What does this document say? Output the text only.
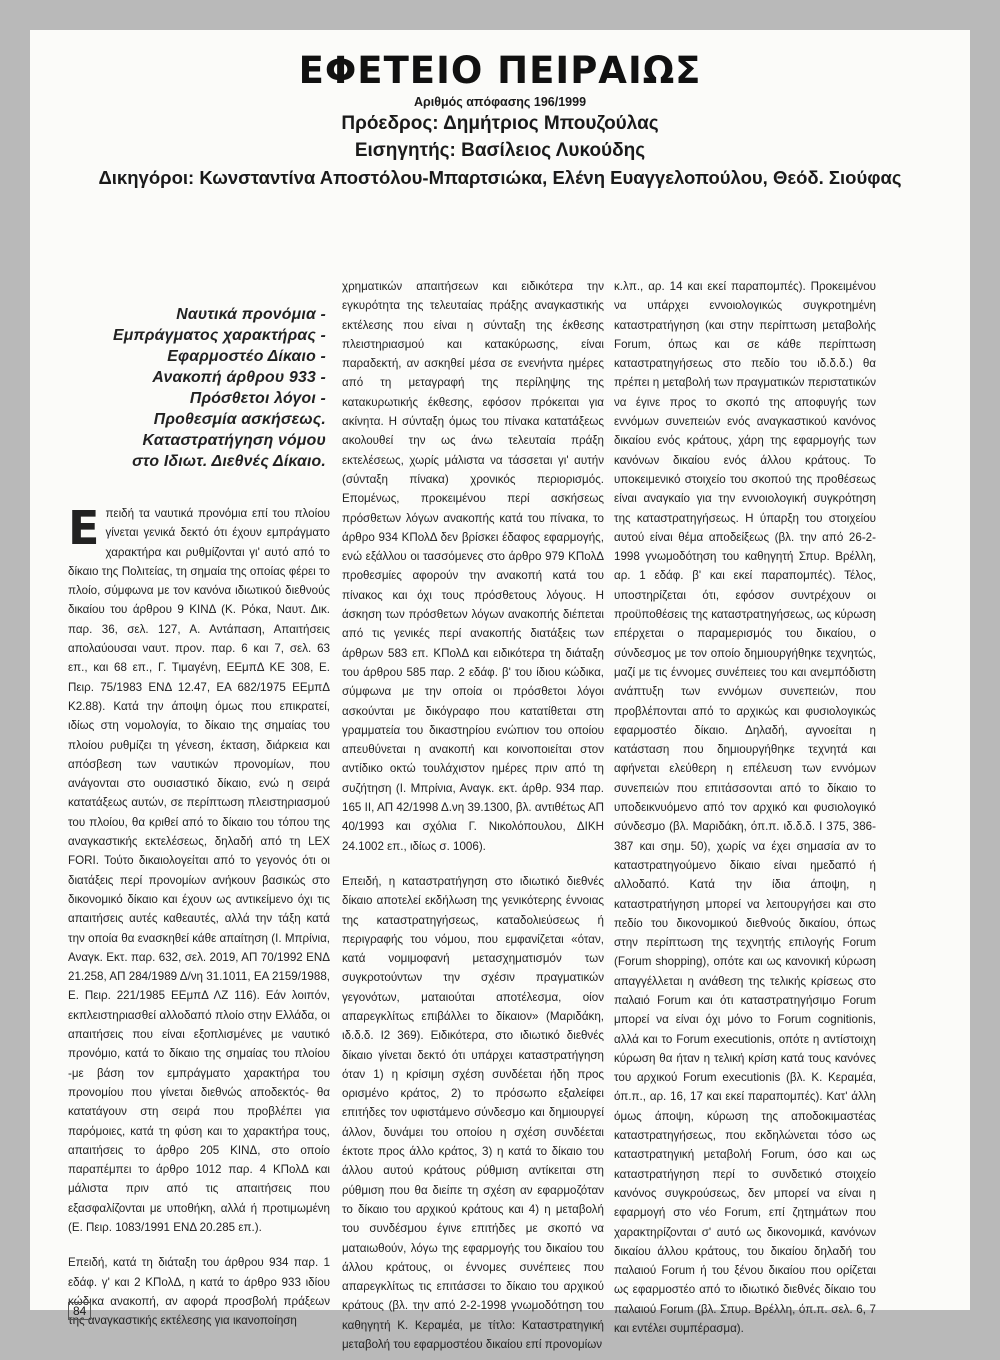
ΕΦΕΤΕΙΟ ΠΕΙΡΑΙΩΣ
Αριθμός απόφασης 196/1999
Πρόεδρος: Δημήτριος Μπουζούλας
Εισηγητής: Βασίλειος Λυκούδης
Δικηγόροι: Κωνσταντίνα Αποστόλου-Μπαρτσιώκα, Ελένη Ευαγγελοπούλου, Θεόδ. Σιούφας
Ναυτικά προνόμια -
Εμπράγματος χαρακτήρας -
Εφαρμοστέο Δίκαιο -
Ανακοπή άρθρου 933 -
Πρόσθετοι λόγοι -
Προθεσμία ασκήσεως.
Καταστρατήγηση νόμου
στο Ιδιωτ. Διεθνές Δίκαιο.

Επειδή τα ναυτικά προνόμια επί του πλοίου γίνεται γενικά δεκτό ότι έχουν εμπράγματο χαρακτήρα και ρυθμίζονται γι' αυτό από το δίκαιο της Πολιτείας, τη σημαία της οποίας φέρει το πλοίο, σύμφωνα με τον κανόνα ιδιωτικού διεθνούς δικαίου του άρθρου 9 ΚΙΝΔ (Κ. Ρόκα, Ναυτ. Δικ. παρ. 36, σελ. 127, Α. Αντάπαση, Απαιτήσεις απολαύουσαι ναυτ. προν. παρ. 6 και 7, σελ. 63 επ., και 68 επ., Γ. Τιμαγένη, ΕΕμπΔ ΚΕ 308, Ε. Πειρ. 75/1983 ΕΝΔ 12.47, ΕΑ 682/1975 ΕΕμπΔ Κ2.88). Κατά την άποψη όμως που επικρατεί, ιδίως στη νομολογία, το δίκαιο της σημαίας του πλοίου ρυθμίζει τη γένεση, έκταση, διάρκεια και απόσβεση των ναυτικών προνομίων, που ανάγονται στο ουσιαστικό δίκαιο, ενώ η σειρά κατατάξεως αυτών, σε περίπτωση πλειστηριασμού του πλοίου, θα κριθεί από το δίκαιο του τόπου της αναγκαστικής εκτελέσεως, δηλαδή από τη LEX FORI. Τούτο δικαιολογείται από το γεγονός ότι οι διατάξεις περί προνομίων ανήκουν βασικώς στο δικονομικό δίκαιο και έχουν ως αντικείμενο όχι τις απαιτήσεις αυτές καθεαυτές, αλλά την τάξη κατά την οποία θα ενασκηθεί κάθε απαίτηση (Ι. Μπρίνια, Αναγκ. Εκτ. παρ. 632, σελ. 2019, ΑΠ 70/1992 ΕΝΔ 21.258, ΑΠ 284/1989 Δ/νη 31.1011, ΕΑ 2159/1988, Ε. Πειρ. 221/1985 ΕΕμπΔ ΛΖ 116). Εάν λοιπόν, εκπλειστηριασθεί αλλοδαπό πλοίο στην Ελλάδα, οι απαιτήσεις που είναι εξοπλισμένες με ναυτικό προνόμιο, κατά το δίκαιο της σημαίας του πλοίου -με βάση τον εμπράγματο χαρακτήρα του προνομίου που γίνεται διεθνώς αποδεκτός- θα κατατάγουν στη σειρά που προβλέπει για παρόμοιες, κατά τη φύση και το χαρακτήρα τους, απαιτήσεις το άρθρο 205 ΚΙΝΔ, στο οποίο παραπέμπει το άρθρο 1012 παρ. 4 ΚΠολΔ και μάλιστα πριν από τις απαιτήσεις που εξασφαλίζονται με υποθήκη, αλλά ή προτιμωμένη (Ε. Πειρ. 1083/1991 ΕΝΔ 20.285 επ.).

Επειδή, κατά τη διάταξη του άρθρου 934 παρ. 1 εδάφ. γ' και 2 ΚΠολΔ, η κατά το άρθρο 933 ιδίου κώδικα ανακοπή, αν αφορά προσβολή πράξεων της αναγκαστικής εκτέλεσης για ικανοποίηση

χρηματικών απαιτήσεων και ειδικότερα την εγκυρότητα της τελευταίας πράξης αναγκαστικής εκτέλεσης που είναι η σύνταξη της έκθεσης πλειστηριασμού και κατακύρωσης, είναι παραδεκτή, αν ασκηθεί μέσα σε ενενήντα ημέρες από τη μεταγραφή της περίληψης της κατακυρωτικής έκθεσης, εφόσον πρόκειται για ακίνητα. Η σύνταξη όμως του πίνακα κατατάξεως ακολουθεί την ως άνω τελευταία πράξη εκτελέσεως, χωρίς μάλιστα να τάσσεται γι' αυτήν (σύνταξη πίνακα) χρονικός περιορισμός. Επομένως, προκειμένου περί ασκήσεως πρόσθετων λόγων ανακοπής κατά του πίνακα, το άρθρο 934 ΚΠολΔ δεν βρίσκει έδαφος εφαρμογής, ενώ εξάλλου οι τασσόμενες στο άρθρο 979 ΚΠολΔ προθεσμίες αφορούν την ανακοπή κατά του πίνακος και όχι τους πρόσθετους λόγους. Η άσκηση των πρόσθετων λόγων ανακοπής διέπεται από τις γενικές περί ανακοπής διατάξεις των άρθρων 583 επ. ΚΠολΔ και ειδικότερα τη διάταξη του άρθρου 585 παρ. 2 εδάφ. β' του ίδιου κώδικα, σύμφωνα με την οποία οι πρόσθετοι λόγοι ασκούνται με δικόγραφο που κατατίθεται στη γραμματεία του δικαστηρίου ενώπιον του οποίου απευθύνεται η ανακοπή και κοινοποιείται στον αντίδικο οκτώ τουλάχιστον ημέρες πριν από τη συζήτηση (Ι. Μπρίνια, Αναγκ. εκτ. άρθρ. 934 παρ. 165 ΙΙ, ΑΠ 42/1998 Δ.νη 39.1300, βλ. αντιθέτως ΑΠ 40/1993 και σχόλια Γ. Νικολόπουλου, ΔΙΚΗ 24.1002 επ., ιδίως σ. 1006).

Επειδή, η καταστρατήγηση στο ιδιωτικό διεθνές δίκαιο αποτελεί εκδήλωση της γενικότερης έννοιας της καταστρατηγήσεως, καταδολιεύσεως ή περιγραφής του νόμου, που εμφανίζεται «όταν, κατά νομιμοφανή μετασχηματισμόν των συγκροτούντων την σχέσιν πραγματικών γεγονότων, ματαιούται αποτέλεσμα, οίον απαρεγκλίτως επιβάλλει το δίκαιον» (Μαριδάκη, ιδ.δ.δ. Ι2 369). Ειδικότερα, στο ιδιωτικό διεθνές δίκαιο γίνεται δεκτό ότι υπάρχει καταστρατήγηση όταν 1) η κρίσιμη σχέση συνδέεται ήδη προς ορισμένο κράτος, 2) το πρόσωπο εξαλείφει επιτήδες τον υφιστάμενο σύνδεσμο και δημιουργεί άλλον, δυνάμει του οποίου η σχέση συνδέεται έκτοτε προς άλλο κράτος, 3) η κατά το δίκαιο του άλλου αυτού κράτους ρύθμιση αντίκειται στη ρύθμιση που θα διείπε τη σχέση αν εφαρμοζόταν το δίκαιο του αρχικού κράτους και 4) η μεταβολή του συνδέσμου έγινε επιτήδες με σκοπό να ματαιωθούν, λόγω της εφαρμογής του δικαίου του άλλου κράτους, οι έννομες συνέπειες που απαρεγκλίτως τις επιτάσσει το δίκαιο του αρχικού κράτους (βλ. την από 2-2-1998 γνωμοδότηση του καθηγητή Κ. Κεραμέα, με τίτλο: Καταστρατηγική μεταβολή του εφαρμοστέου δικαίου επί προνομίων

κ.λπ., αρ. 14 και εκεί παραπομπές). Προκειμένου να υπάρχει εννοιολογικώς συγκροτημένη καταστρατήγηση (και στην περίπτωση μεταβολής Forum, όπως και σε κάθε περίπτωση καταστρατηγήσεως στο πεδίο του ιδ.δ.δ.) θα πρέπει η μεταβολή των πραγματικών περιστατικών να έγινε προς το σκοπό της αποφυγής των εννόμων συνεπειών ενός αναγκαστικού κανόνος δικαίου ενός κράτους, χάρη της εφαρμογής των κανόνων δικαίου ενός άλλου κράτους. Το υποκειμενικό στοιχείο του σκοπού της προθέσεως είναι αναγκαίο για την εννοιολογική συγκρότηση της καταστρατηγήσεως. Η ύπαρξη του στοιχείου αυτού είναι θέμα αποδείξεως (βλ. την από 26-2-1998 γνωμοδότηση του καθηγητή Σπυρ. Βρέλλη, αρ. 1 εδάφ. β' και εκεί παραπομπές). Τέλος, υποστηρίζεται ότι, εφόσον συντρέχουν οι προϋποθέσεις της καταστρατηγήσεως, ως κύρωση επέρχεται ο παραμερισμός του δικαίου, ο σύνδεσμος με τον οποίο δημιουργήθηκε τεχνητώς, μαζί με τις έννομες συνέπειες του και ανεμπόδιστη ανάπτυξη των εννόμων συνεπειών, που προβλέπονται από το αρχικώς και φυσιολογικώς εφαρμοστέο δίκαιο. Δηλαδή, αγνοείται η κατάσταση που δημιουργήθηκε τεχνητά και αφήνεται ελεύθερη η επέλευση των εννόμων συνεπειών που επιτάσσονται από το δίκαιο το υποδεικνυόμενο από τον αρχικό και φυσιολογικό σύνδεσμο (βλ. Μαριδάκη, όπ.π. ιδ.δ.δ. Ι 375, 386-387 και σημ. 50), χωρίς να έχει σημασία αν το καταστρατηγούμενο δίκαιο είναι ημεδαπό ή αλλοδαπό. Κατά την ίδια άποψη, η καταστρατήγηση μπορεί να λειτουργήσει και στο πεδίο του δικονομικού διεθνούς δικαίου, όπως στην περίπτωση της τεχνητής επιλογής Forum (Forum shopping), οπότε και ως κανονική κύρωση απαγγέλλεται η ανάθεση της τελικής κρίσεως στο παλαιό Forum και ότι καταστρατηγήσιμο Forum μπορεί να είναι όχι μόνο το Forum cognitionis, αλλά και το Forum executionis, οπότε η αντίστοιχη κύρωση θα ήταν η τελική κρίση κατά τους κανόνες του αρχικού Forum executionis (βλ. Κ. Κεραμέα, όπ.π., αρ. 16, 17 και εκεί παραπομπές). Κατ' άλλη όμως άποψη, κύρωση της αποδοκιμαστέας καταστρατηγήσεως, που εκδηλώνεται τόσο ως καταστρατηγική μεταβολή Forum, όσο και ως καταστρατήγηση περί το συνδετικό στοιχείο κανόνος συγκρούσεως, δεν μπορεί να είναι η εφαρμογή στο νέο Forum, επί ζητημάτων που χαρακτηρίζονται σ' αυτό ως δικονομικά, κανόνων δικαίου άλλου κράτους, του δικαίου δηλαδή του παλαιού Forum ή του ξένου δικαίου που ορίζεται ως εφαρμοστέο από το ιδιωτικό διεθνές δίκαιο του παλαιού Forum (βλ. Σπυρ. Βρέλλη, όπ.π. σελ. 6, 7 και εντέλει συμπέρασμα).

84
